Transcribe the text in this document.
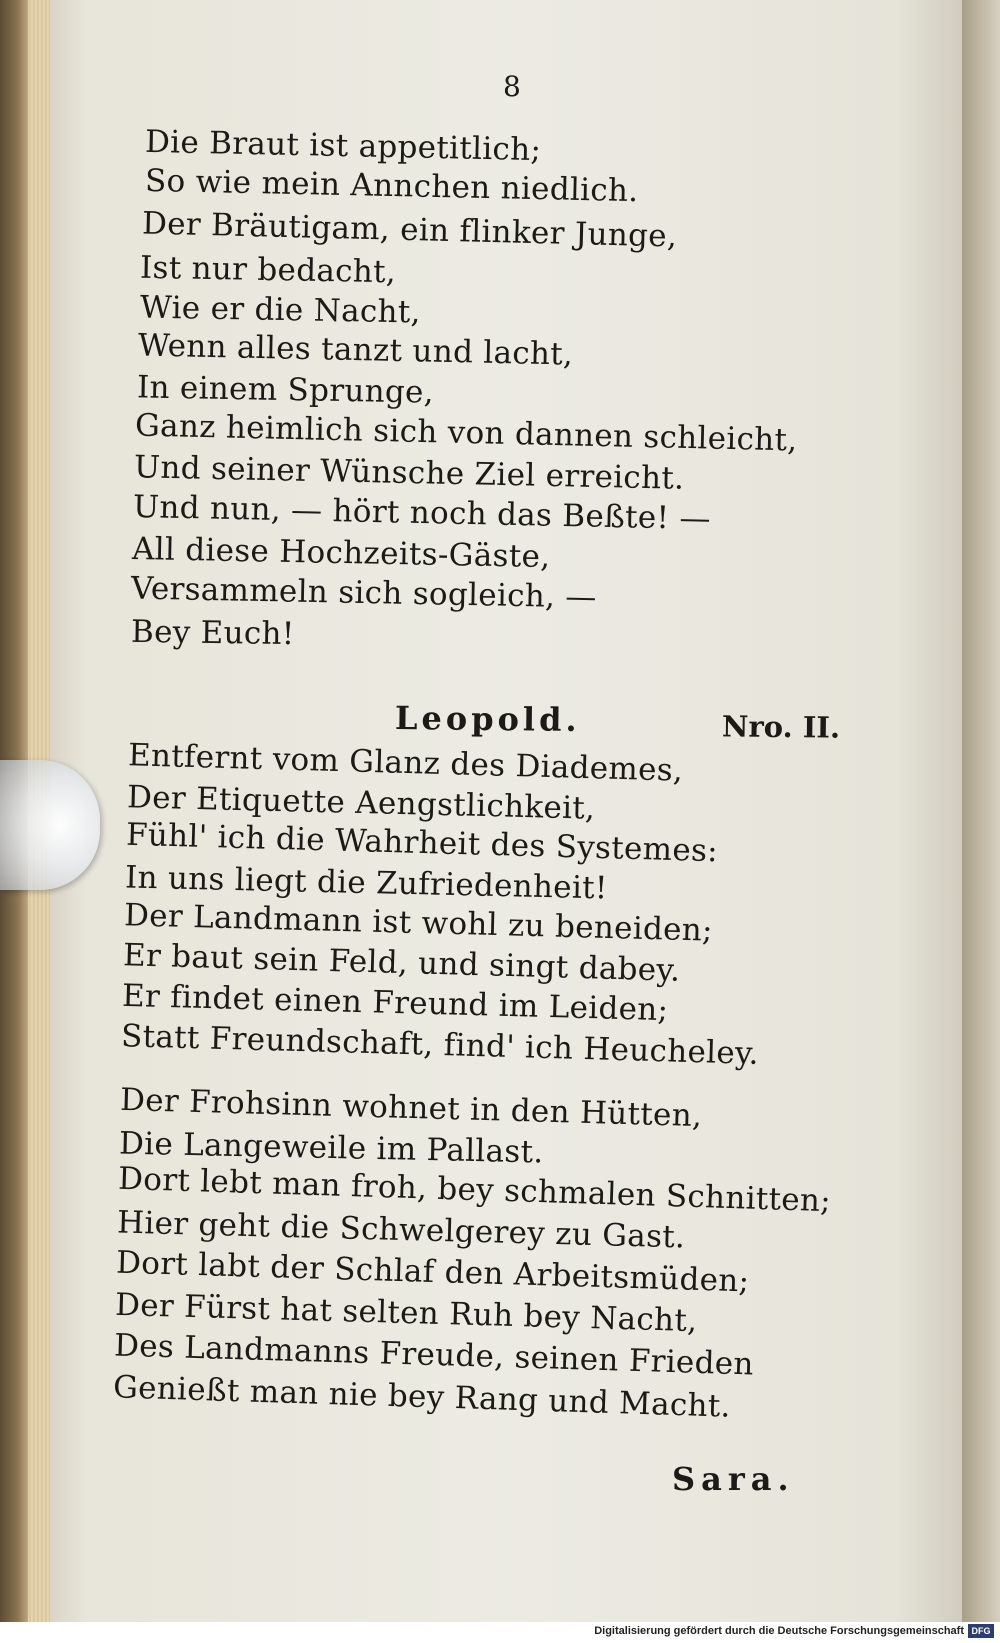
8
Die Braut ist appetitlich;
So wie mein Annchen niedlich.
Der Bräutigam, ein flinker Junge,
Ist nur bedacht,
Wie er die Nacht,
Wenn alles tanzt und lacht,
In einem Sprunge,
Ganz heimlich sich von dannen schleicht,
Und seiner Wünsche Ziel erreicht.
Und nun, — hört noch das Beßte! —
All diese Hochzeits-Gäste,
Versammeln sich sogleich, —
Bey Euch!
Leopold.	Nro. II.
Entfernt vom Glanz des Diademes,
Der Etiquette Aengstlichkeit,
Fühl' ich die Wahrheit des Systemes:
In uns liegt die Zufriedenheit!
Der Landmann ist wohl zu beneiden;
Er baut sein Feld, und singt dabey.
Er findet einen Freund im Leiden;
Statt Freundschaft, find' ich Heucheley.
Der Frohsinn wohnet in den Hütten,
Die Langeweile im Pallast.
Dort lebt man froh, bey schmalen Schnitten;
Hier geht die Schwelgerey zu Gast.
Dort labt der Schlaf den Arbeitsmüden;
Der Fürst hat selten Ruh bey Nacht,
Des Landmanns Freude, seinen Frieden
Genießt man nie bey Rang und Macht.
Sara.
Digitalisierung gefördert durch die Deutsche Forschungsgemeinschaft DFG
